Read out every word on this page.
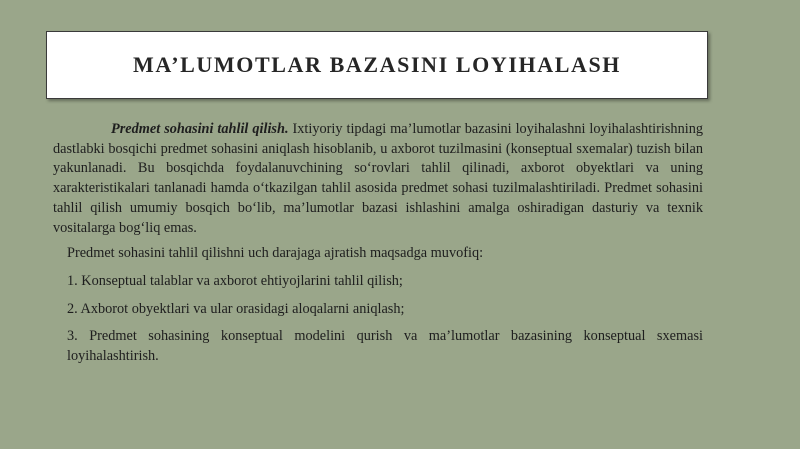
MA’LUMOTLAR BAZASINI LOYIHALASH

Predmet sohasini tahlil qilish. Ixtiyoriy tipdagi ma’lumotlar bazasini loyihalashni loyihalashtirishning dastlabki bosqichi predmet sohasini aniqlash hisoblanib, u axborot tuzilmasini (konseptual sxemalar) tuzish bilan yakunlanadi. Bu bosqichda foydalanuvchining so‘rovlari tahlil qilinadi, axborot obyektlari va uning xarakteristikalari tanlanadi hamda o‘tkazilgan tahlil asosida predmet sohasi tuzilmalashtiriladi. Predmet sohasini tahlil qilish umumiy bosqich bo‘lib, ma’lumotlar bazasi ishlashini amalga oshiradigan dasturiy va texnik vositalarga bog‘liq emas.

Predmet sohasini tahlil qilishni uch darajaga ajratish maqsadga muvofiq:

1. Konseptual talablar va axborot ehtiyojlarini tahlil qilish;

2. Axborot obyektlari va ular orasidagi aloqalarni aniqlash;

3. Predmet sohasining konseptual modelini qurish va ma’lumotlar bazasining konseptual sxemasi loyihalashtirish.
